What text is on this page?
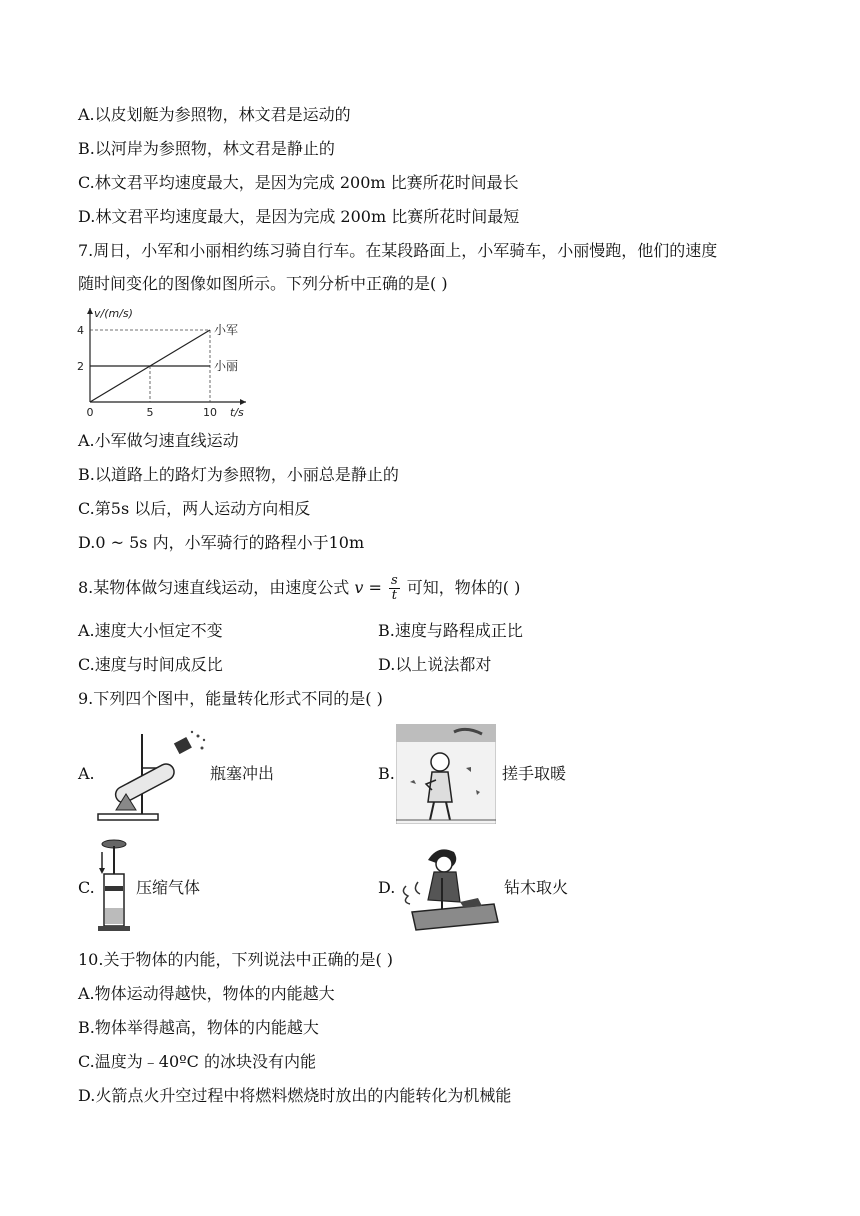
A.以皮划艇为参照物，林文君是运动的
B.以河岸为参照物，林文君是静止的
C.林文君平均速度最大，是因为完成 200m 比赛所花时间最长
D.林文君平均速度最大，是因为完成 200m 比赛所花时间最短
7.周日，小军和小丽相约练习骑自行车。在某段路面上，小军骑车，小丽慢跑，他们的速度
随时间变化的图像如图所示。下列分析中正确的是( )
2
4
0	5	10
小军
小丽
v/(m/s)
t/s
A.小军做匀速直线运动
B.以道路上的路灯为参照物，小丽总是静止的
C.第5s 以后，两人运动方向相反
D.0 ~ 5s 内，小军骑行的路程小于10m
8.某物体做匀速直线运动，由速度公式 $v = \frac{s}{t}$ 可知，物体的( )
A.速度大小恒定不变	B.速度与路程成正比
C.速度与时间成反比	D.以上说法都对
9.下列四个图中，能量转化形式不同的是( )
A.	瓶塞冲出	B.	搓手取暖
C.	压缩气体	D.	钻木取火
10.关于物体的内能，下列说法中正确的是( )
A.物体运动得越快，物体的内能越大
B.物体举得越高，物体的内能越大
C.温度为﹣40ºC 的冰块没有内能
D.火箭点火升空过程中将燃料燃烧时放出的内能转化为机械能
